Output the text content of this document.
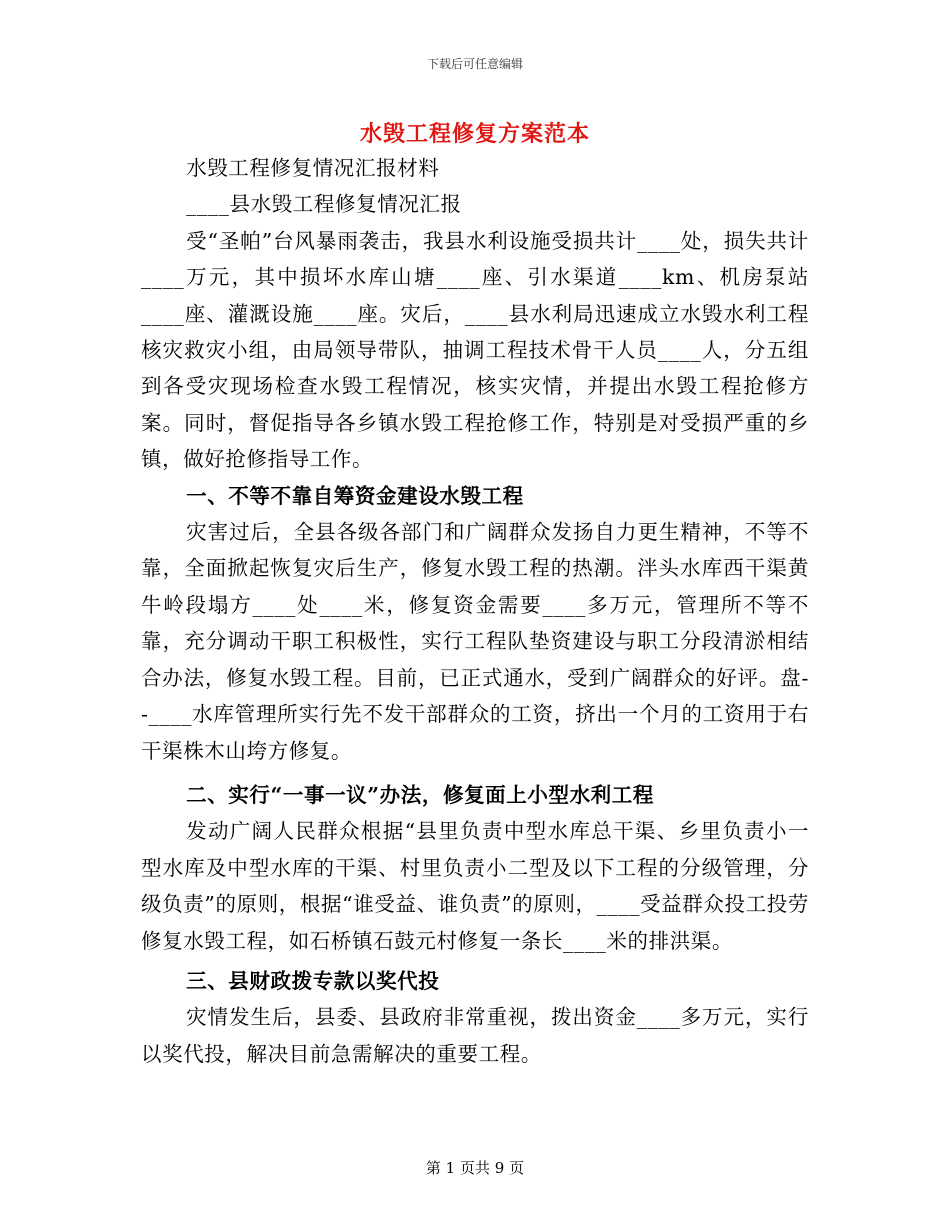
下载后可任意编辑
水毁工程修复方案范本

水毁工程修复情况汇报材料

____县水毁工程修复情况汇报

受“圣帕”台风暴雨袭击，我县水利设施受损共计____处，损失共计____万元，其中损坏水库山塘____座、引水渠道____km、机房泵站____座、灌溉设施____座。灾后，____县水利局迅速成立水毁水利工程核灾救灾小组，由局领导带队，抽调工程技术骨干人员____人，分五组到各受灾现场检查水毁工程情况，核实灾情，并提出水毁工程抢修方案。同时，督促指导各乡镇水毁工程抢修工作，特别是对受损严重的乡镇，做好抢修指导工作。

一、不等不靠自筹资金建设水毁工程

灾害过后，全县各级各部门和广阔群众发扬自力更生精神，不等不靠，全面掀起恢复灾后生产，修复水毁工程的热潮。泮头水库西干渠黄牛岭段塌方____处____米，修复资金需要____多万元，管理所不等不靠，充分调动干职工积极性，实行工程队垫资建设与职工分段清淤相结合办法，修复水毁工程。目前，已正式通水，受到广阔群众的好评。盘--____水库管理所实行先不发干部群众的工资，挤出一个月的工资用于右干渠株木山垮方修复。

二、实行“一事一议”办法，修复面上小型水利工程

发动广阔人民群众根据“县里负责中型水库总干渠、乡里负责小一型水库及中型水库的干渠、村里负责小二型及以下工程的分级管理，分级负责”的原则，根据“谁受益、谁负责”的原则，____受益群众投工投劳修复水毁工程，如石桥镇石鼓元村修复一条长____米的排洪渠。

三、县财政拨专款以奖代投

灾情发生后，县委、县政府非常重视，拨出资金____多万元，实行以奖代投，解决目前急需解决的重要工程。

第 1 页共 9 页
